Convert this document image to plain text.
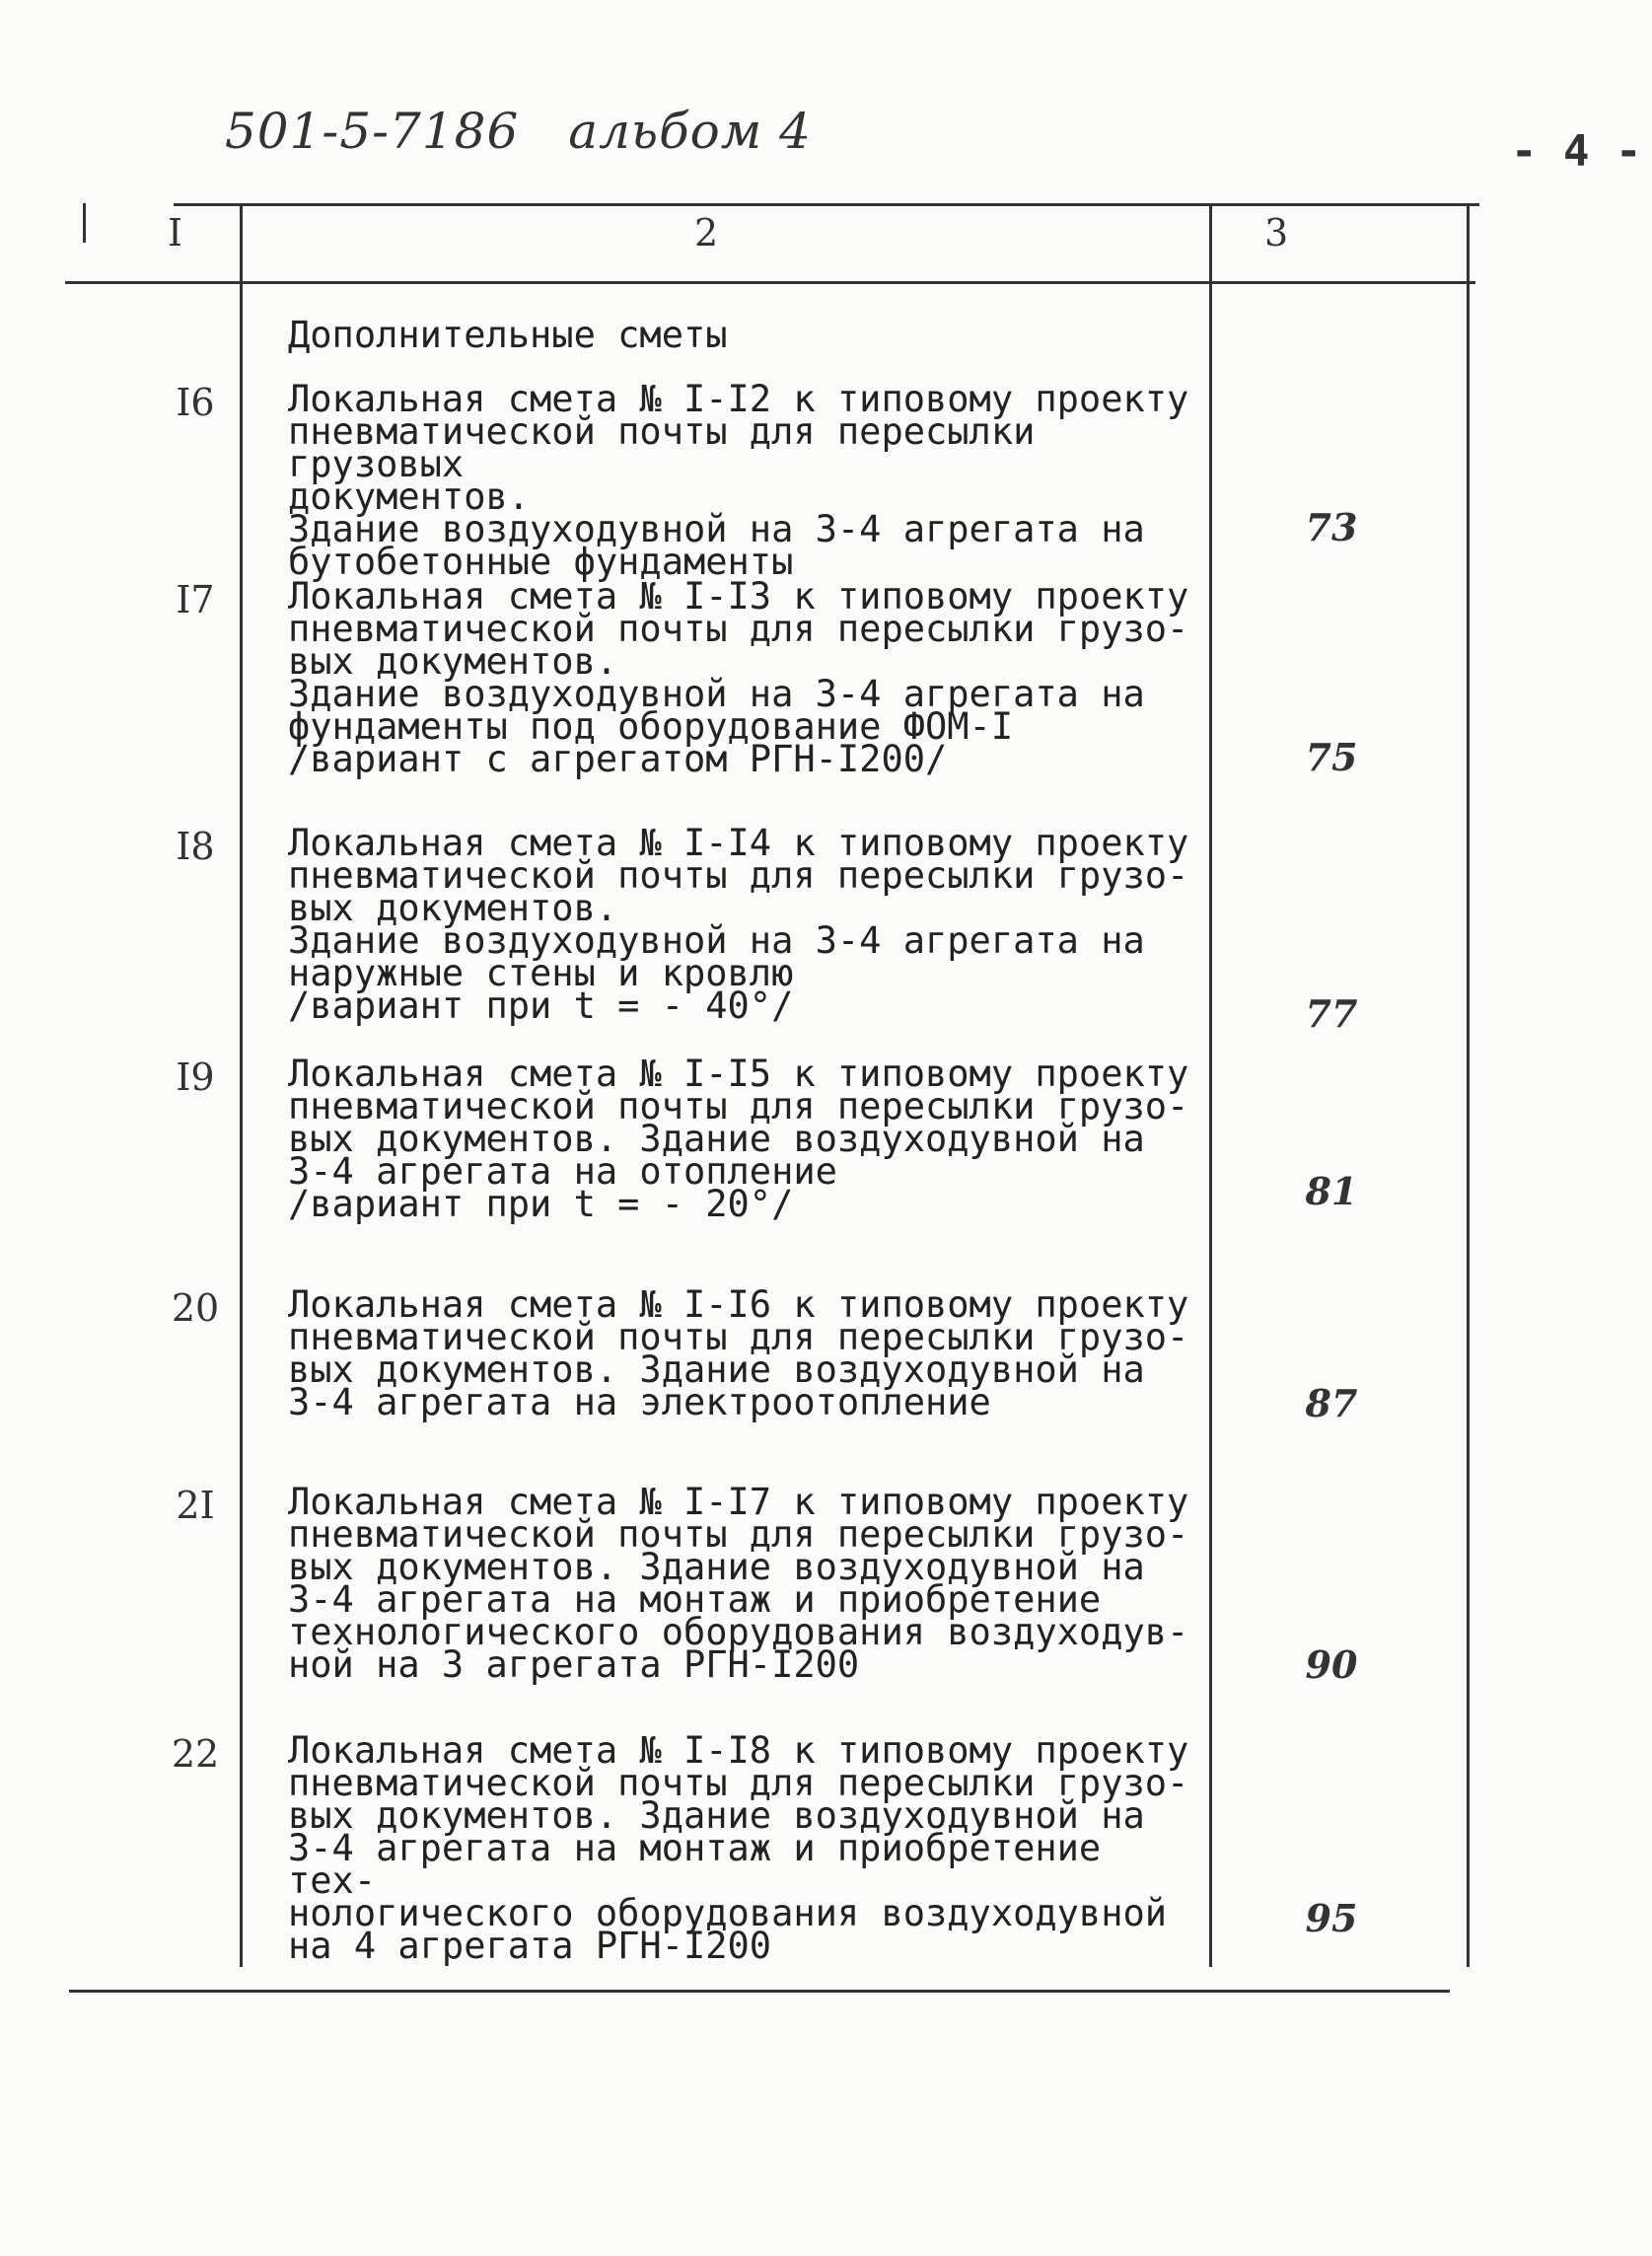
501-5-7186 альбом 4	- 4 -
I	2	3
Дополнительные сметы
I6 Локальная смета № I-I2 к типовому проекту
пневматической почты для пересылки грузовых
документов.
Здание воздуходувной на 3-4 агрегата на
бутобетонные фундаменты
73
I7 Локальная смета № I-I3 к типовому проекту
пневматической почты для пересылки грузо-
вых документов.
Здание воздуходувной на 3-4 агрегата на
фундаменты под оборудование ФОМ-I
/вариант с агрегатом РГН-I200/	75
I8 Локальная смета № I-I4 к типовому проекту
пневматической почты для пересылки грузо-
вых документов.
Здание воздуходувной на 3-4 агрегата на
наружные стены и кровлю
/вариант при t = - 40°/	77
I9 Локальная смета № I-I5 к типовому проекту
пневматической почты для пересылки грузо-
вых документов. Здание воздуходувной на
3-4 агрегата на отопление
/вариант при t = - 20°/	81
20 Локальная смета № I-I6 к типовому проекту
пневматической почты для пересылки грузо-
вых документов. Здание воздуходувной на
3-4 агрегата на электроотопление	87
2I Локальная смета № I-I7 к типовому проекту
пневматической почты для пересылки грузо-
вых документов. Здание воздуходувной на
3-4 агрегата на монтаж и приобретение
технологического оборудования воздуходув-
ной на 3 агрегата РГН-I200	90
22 Локальная смета № I-I8 к типовому проекту
пневматической почты для пересылки грузо-
вых документов. Здание воздуходувной на
3-4 агрегата на монтаж и приобретение тех-
нологического оборудования воздуходувной
на 4 агрегата РГН-I200
95
